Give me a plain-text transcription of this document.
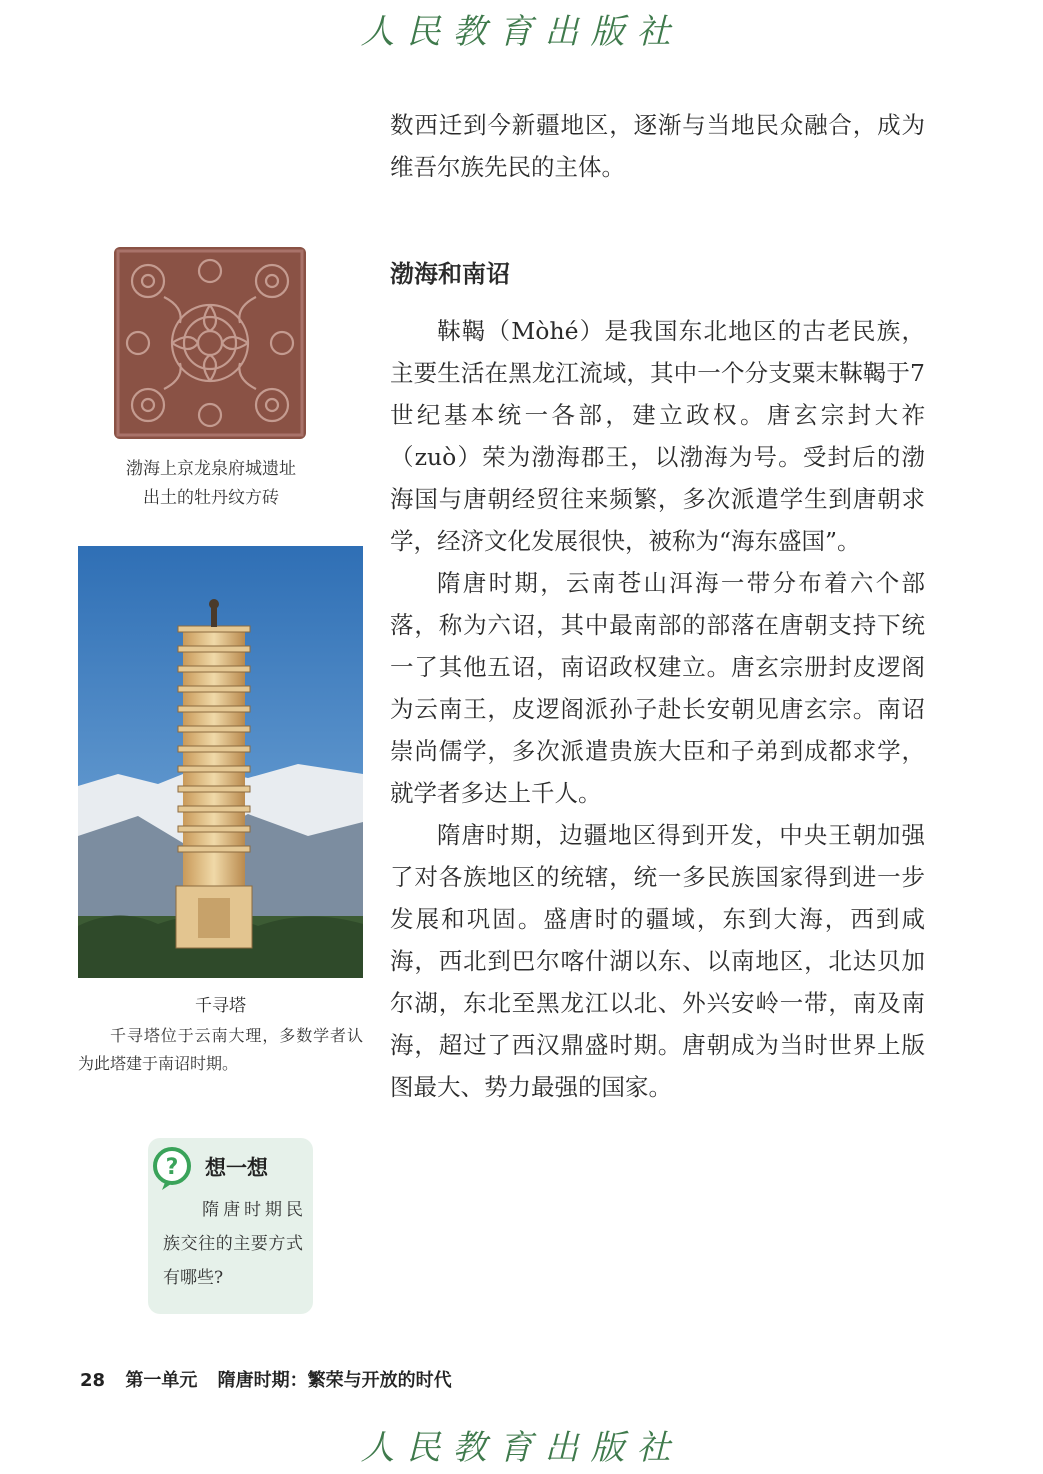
人民教育出版社

数西迁到今新疆地区，逐渐与当地民众融合，成为维吾尔族先民的主体。

渤海和南诏

靺鞨（Mòhé）是我国东北地区的古老民族，主要生活在黑龙江流域，其中一个分支粟末靺鞨于7世纪基本统一各部，建立政权。唐玄宗封大祚（zuò）荣为渤海郡王，以渤海为号。受封后的渤海国与唐朝经贸往来频繁，多次派遣学生到唐朝求学，经济文化发展很快，被称为“海东盛国”。

隋唐时期，云南苍山洱海一带分布着六个部落，称为六诏，其中最南部的部落在唐朝支持下统一了其他五诏，南诏政权建立。唐玄宗册封皮逻阁为云南王，皮逻阁派孙子赴长安朝见唐玄宗。南诏崇尚儒学，多次派遣贵族大臣和子弟到成都求学，就学者多达上千人。

隋唐时期，边疆地区得到开发，中央王朝加强了对各族地区的统辖，统一多民族国家得到进一步发展和巩固。盛唐时的疆域，东到大海，西到咸海，西北到巴尔喀什湖以东、以南地区，北达贝加尔湖，东北至黑龙江以北、外兴安岭一带，南及南海，超过了西汉鼎盛时期。唐朝成为当时世界上版图最大、势力最强的国家。

渤海上京龙泉府城遗址
出土的牡丹纹方砖
千寻塔
千寻塔位于云南大理，多数学者认为此塔建于南诏时期。
? 想一想
隋唐时期民族交往的主要方式有哪些?
28 第一单元 隋唐时期：繁荣与开放的时代
人民教育出版社
